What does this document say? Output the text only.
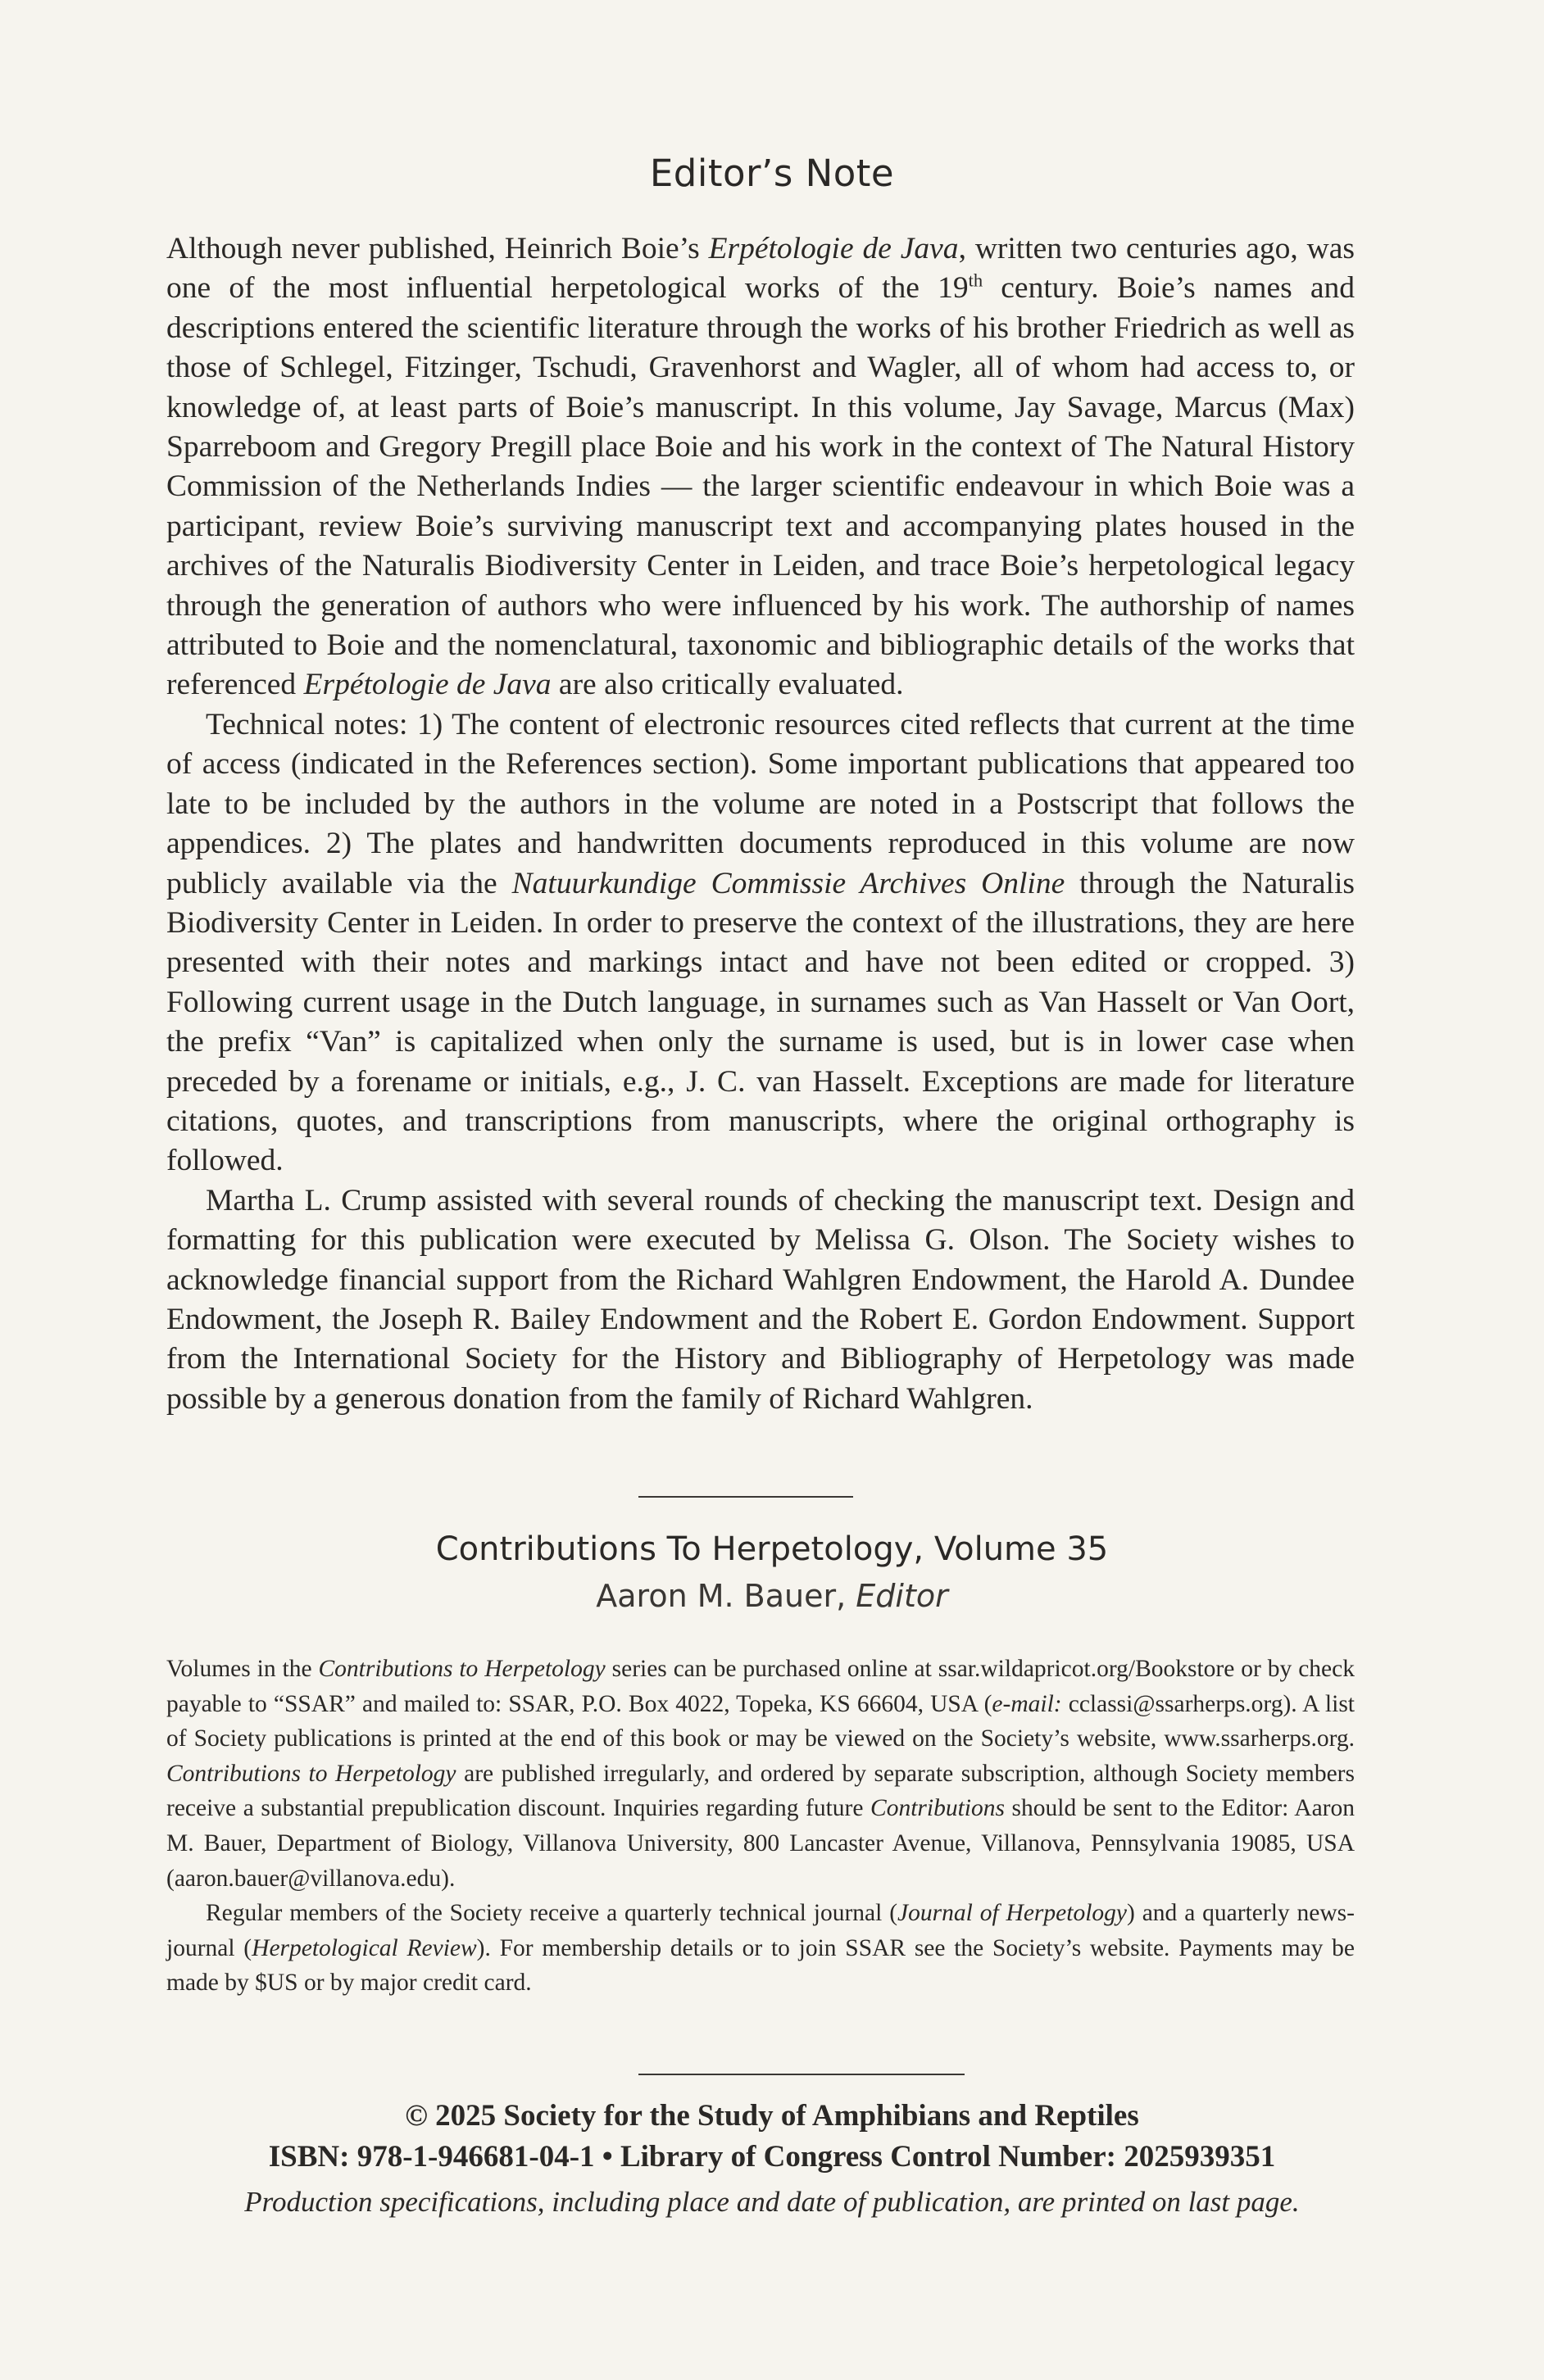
Editor’s Note

Although never published, Heinrich Boie’s Erpétologie de Java, written two centuries ago, was one of the most influential herpetological works of the 19th century. Boie’s names and descriptions entered the scientific literature through the works of his brother Friedrich as well as those of Schlegel, Fitzinger, Tschudi, Gravenhorst and Wagler, all of whom had access to, or knowledge of, at least parts of Boie’s manuscript. In this volume, Jay Savage, Marcus (Max) Sparreboom and Gregory Pregill place Boie and his work in the context of The Natural History Commission of the Netherlands Indies — the larger scientific endeavour in which Boie was a participant, review Boie’s surviving manuscript text and accompanying plates housed in the archives of the Naturalis Biodiversity Center in Leiden, and trace Boie’s herpetological legacy through the generation of authors who were influenced by his work. The authorship of names attributed to Boie and the nomenclatural, taxonomic and bibliographic details of the works that referenced Erpétologie de Java are also critically evaluated.

Technical notes: 1) The content of electronic resources cited reflects that current at the time of access (indicated in the References section). Some important publications that appeared too late to be included by the authors in the volume are noted in a Postscript that follows the appendices. 2) The plates and handwritten documents reproduced in this volume are now publicly available via the Natuurkundige Commissie Archives Online through the Naturalis Biodiversity Center in Leiden. In order to preserve the context of the illustrations, they are here presented with their notes and markings intact and have not been edited or cropped. 3) Following current usage in the Dutch language, in surnames such as Van Hasselt or Van Oort, the prefix “Van” is capitalized when only the surname is used, but is in lower case when preceded by a forename or initials, e.g., J. C. van Hasselt. Exceptions are made for literature citations, quotes, and transcriptions from manuscripts, where the original orthography is followed.

Martha L. Crump assisted with several rounds of checking the manuscript text. Design and formatting for this publication were executed by Melissa G. Olson. The Society wishes to acknowledge financial support from the Richard Wahlgren Endowment, the Harold A. Dundee Endowment, the Joseph R. Bailey Endowment and the Robert E. Gordon Endowment. Support from the International Society for the History and Bibliography of Herpetology was made possible by a generous donation from the family of Richard Wahlgren.

Contributions To Herpetology, Volume 35
Aaron M. Bauer, Editor

Volumes in the Contributions to Herpetology series can be purchased online at ssar.wildapricot.org/Bookstore or by check payable to “SSAR” and mailed to: SSAR, P.O. Box 4022, Topeka, KS 66604, USA (e-mail: cclassi@ssarherps.org). A list of Society publications is printed at the end of this book or may be viewed on the Society’s website, www.ssarherps.org. Contributions to Herpetology are published irregularly, and ordered by separate subscription, although Society members receive a substantial prepublication discount. Inquiries regarding future Contributions should be sent to the Editor: Aaron M. Bauer, Department of Biology, Villanova University, 800 Lancaster Avenue, Villanova, Pennsylvania 19085, USA (aaron.bauer@villanova.edu).

Regular members of the Society receive a quarterly technical journal (Journal of Herpetology) and a quarterly news-journal (Herpetological Review). For membership details or to join SSAR see the Society’s website. Payments may be made by $US or by major credit card.

© 2025 Society for the Study of Amphibians and Reptiles
ISBN: 978-1-946681-04-1 • Library of Congress Control Number: 2025939351
Production specifications, including place and date of publication, are printed on last page.
